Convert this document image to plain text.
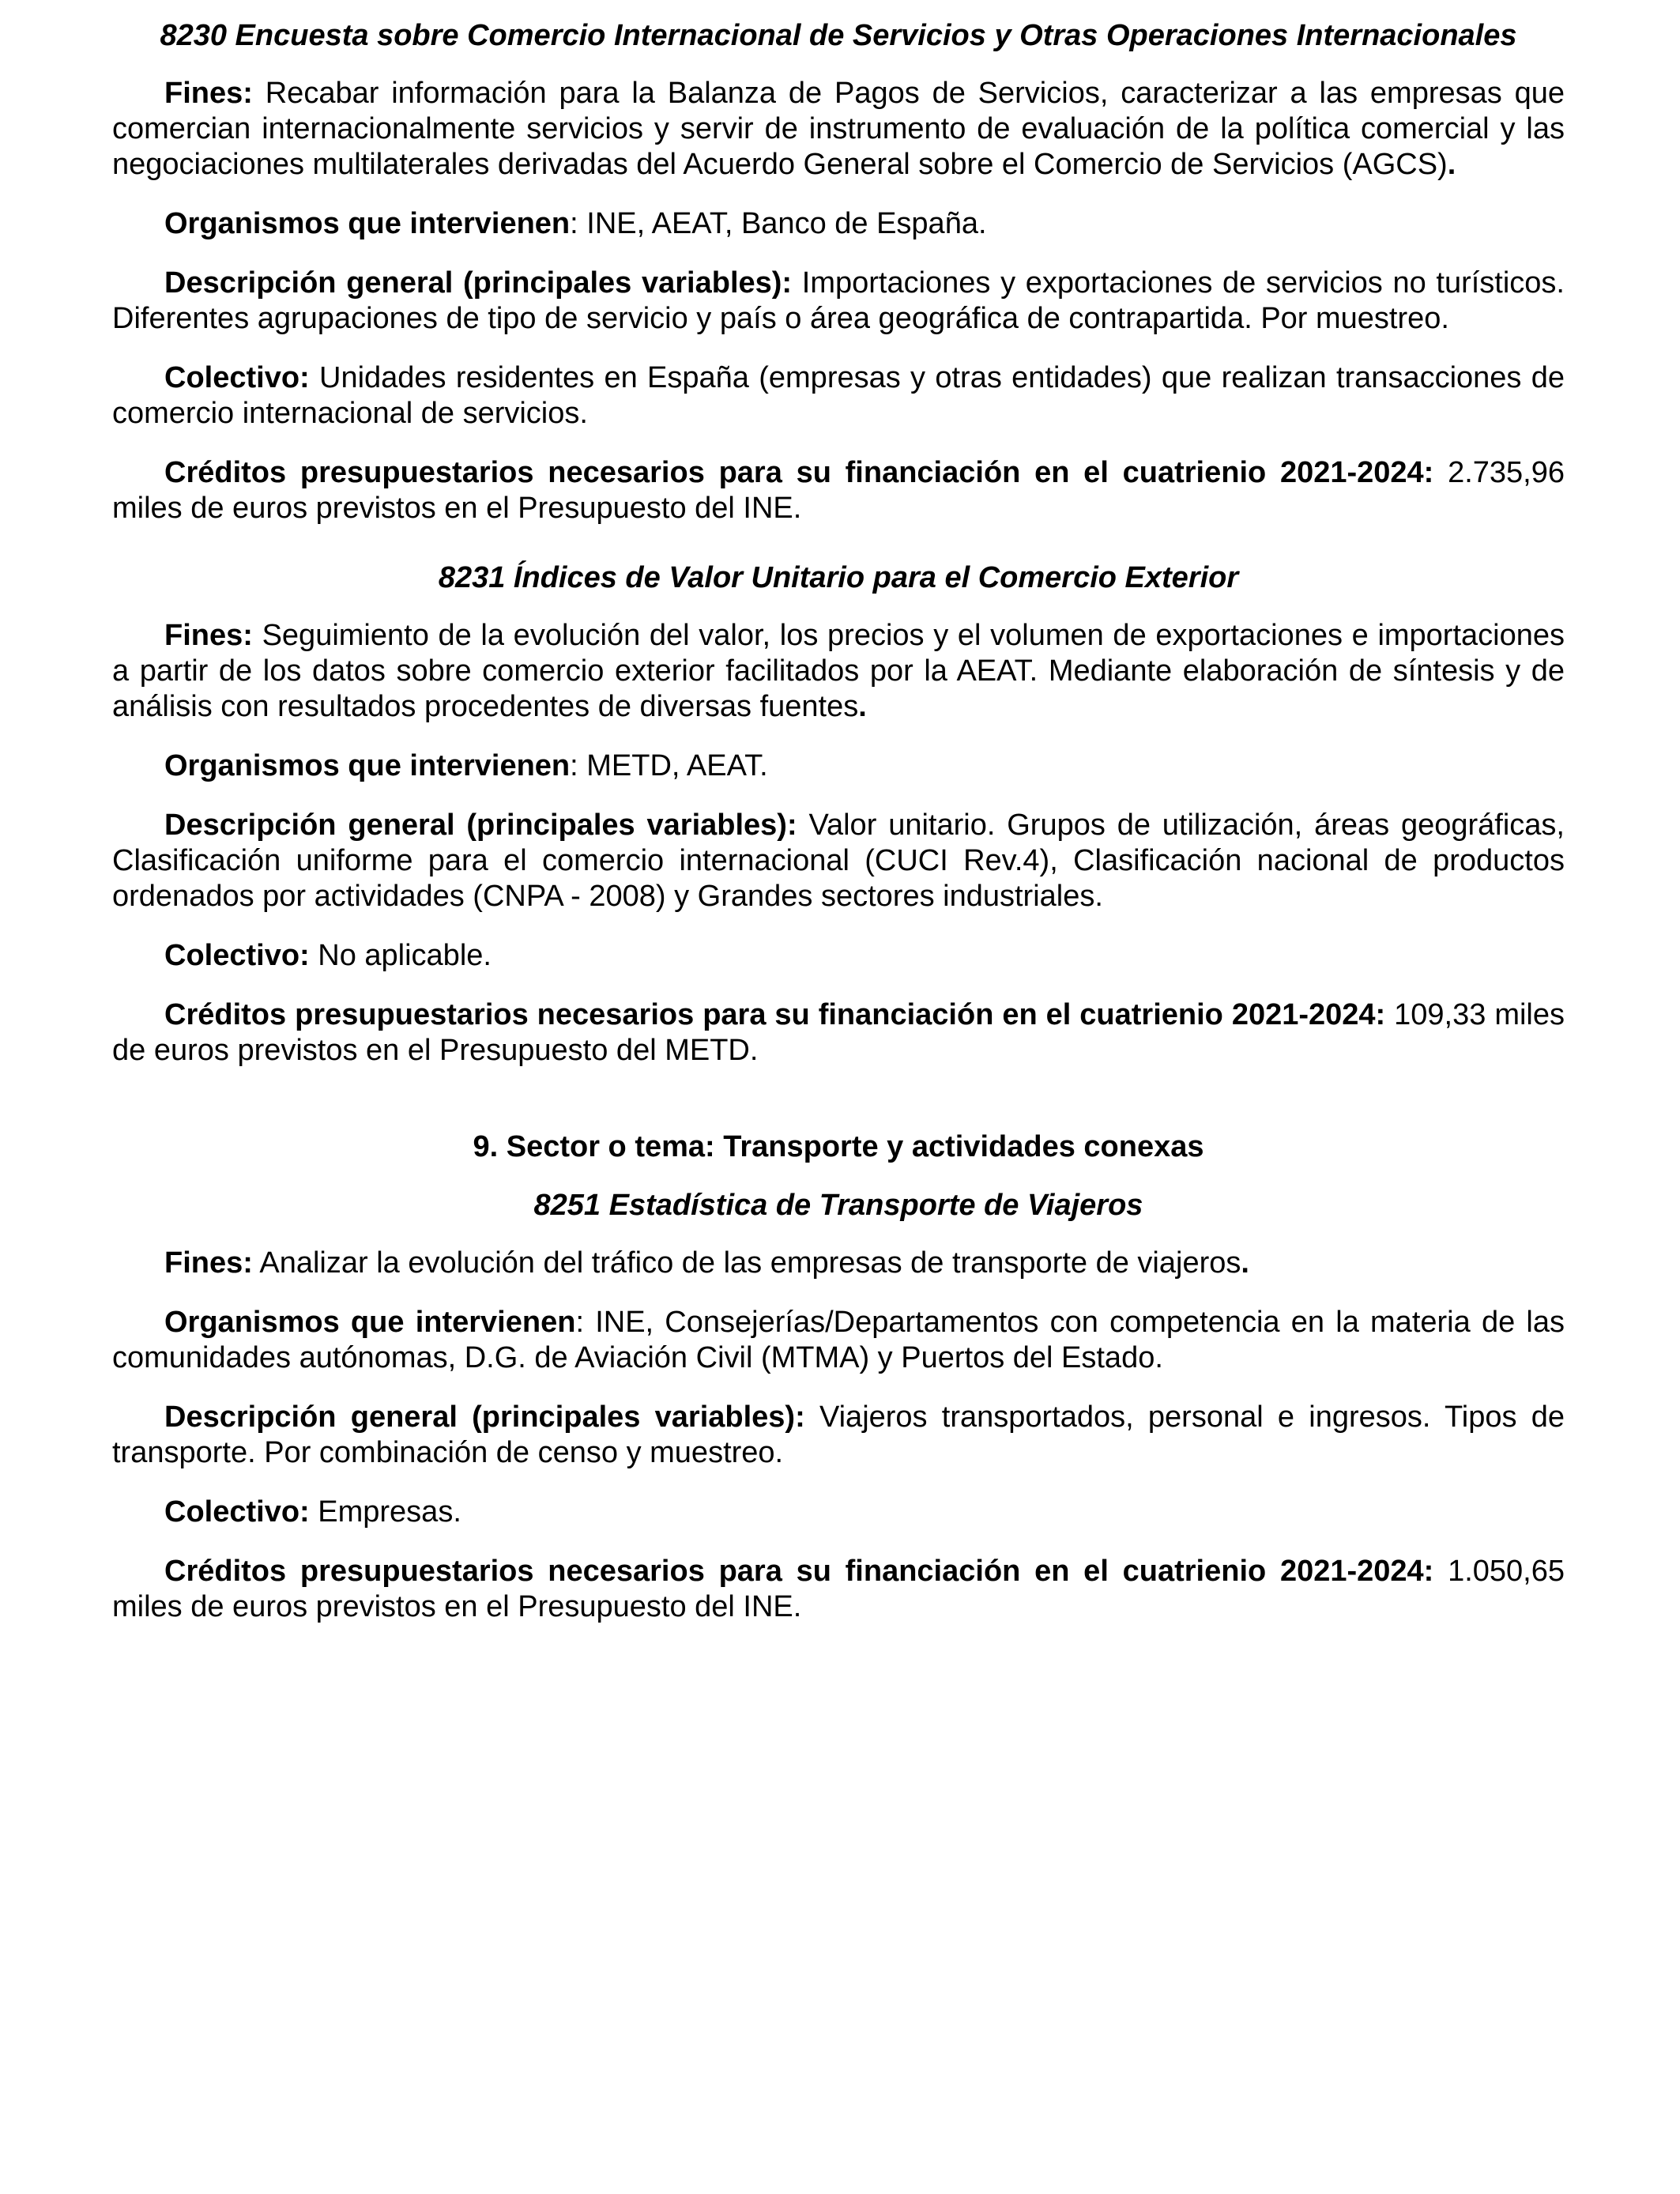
8230 Encuesta sobre Comercio Internacional de Servicios y Otras Operaciones Internacionales

Fines: Recabar información para la Balanza de Pagos de Servicios, caracterizar a las empresas que comercian internacionalmente servicios y servir de instrumento de evaluación de la política comercial y las negociaciones multilaterales derivadas del Acuerdo General sobre el Comercio de Servicios (AGCS).

Organismos que intervienen: INE, AEAT, Banco de España.

Descripción general (principales variables): Importaciones y exportaciones de servicios no turísticos. Diferentes agrupaciones de tipo de servicio y país o área geográfica de contrapartida. Por muestreo.

Colectivo: Unidades residentes en España (empresas y otras entidades) que realizan transacciones de comercio internacional de servicios.

Créditos presupuestarios necesarios para su financiación en el cuatrienio 2021-2024: 2.735,96 miles de euros previstos en el Presupuesto del INE.

8231 Índices de Valor Unitario para el Comercio Exterior

Fines: Seguimiento de la evolución del valor, los precios y el volumen de exportaciones e importaciones a partir de los datos sobre comercio exterior facilitados por la AEAT. Mediante elaboración de síntesis y de análisis con resultados procedentes de diversas fuentes.

Organismos que intervienen: METD, AEAT.

Descripción general (principales variables): Valor unitario. Grupos de utilización, áreas geográficas, Clasificación uniforme para el comercio internacional (CUCI Rev.4), Clasificación nacional de productos ordenados por actividades (CNPA - 2008) y Grandes sectores industriales.

Colectivo: No aplicable.

Créditos presupuestarios necesarios para su financiación en el cuatrienio 2021-2024: 109,33 miles de euros previstos en el Presupuesto del METD.

9. Sector o tema: Transporte y actividades conexas
8251 Estadística de Transporte de Viajeros

Fines: Analizar la evolución del tráfico de las empresas de transporte de viajeros.

Organismos que intervienen: INE, Consejerías/Departamentos con competencia en la materia de las comunidades autónomas, D.G. de Aviación Civil (MTMA) y Puertos del Estado.

Descripción general (principales variables): Viajeros transportados, personal e ingresos. Tipos de transporte. Por combinación de censo y muestreo.

Colectivo: Empresas.

Créditos presupuestarios necesarios para su financiación en el cuatrienio 2021-2024: 1.050,65 miles de euros previstos en el Presupuesto del INE.
